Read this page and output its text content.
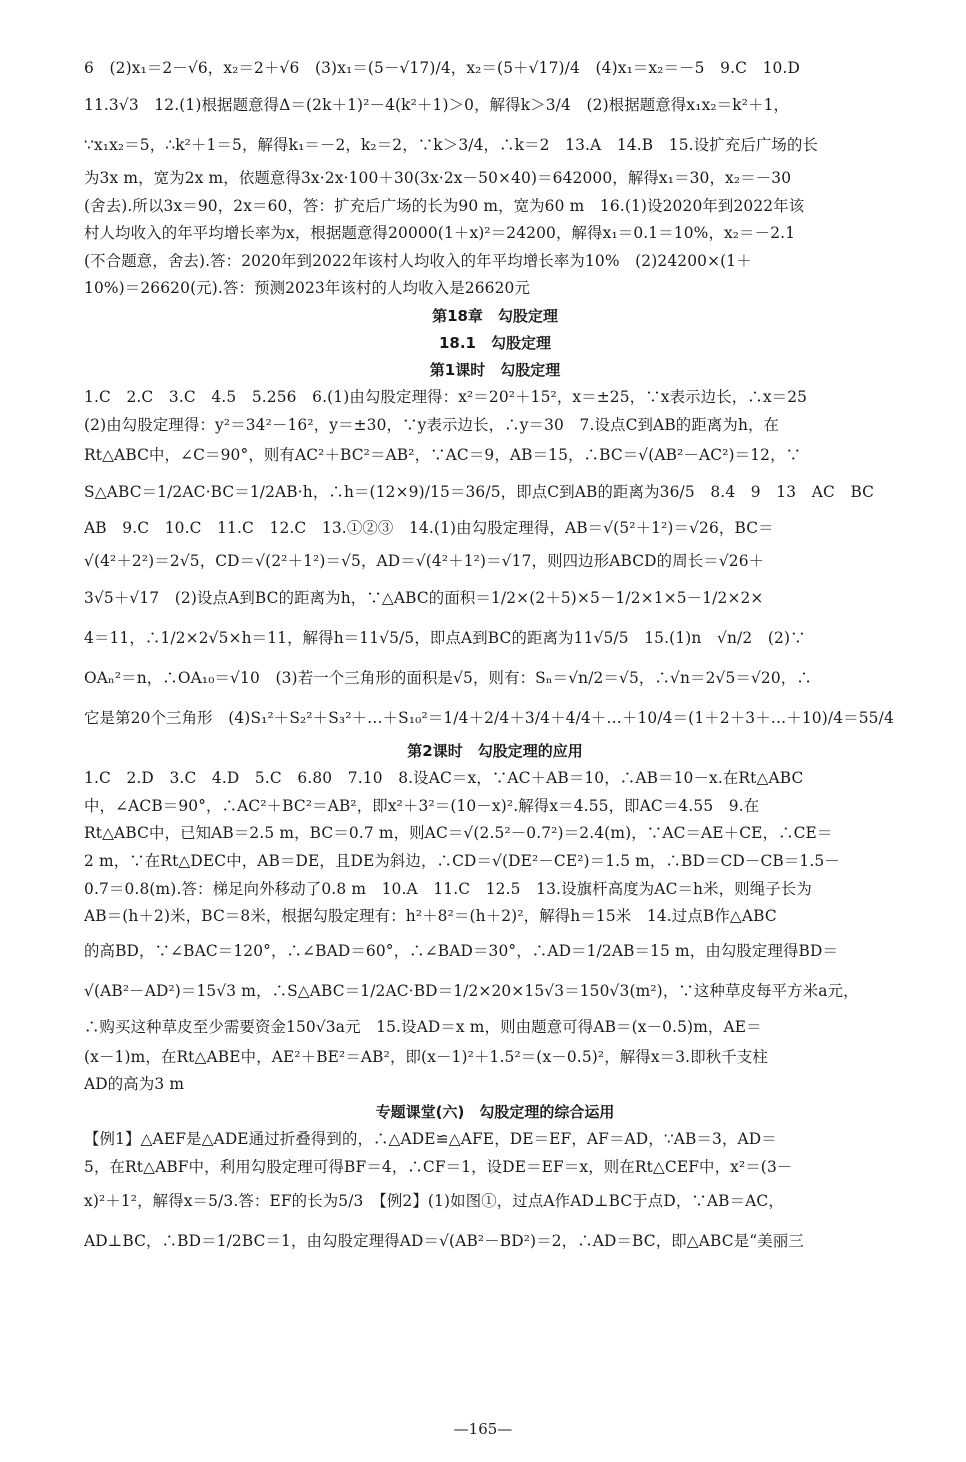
6　(2)x₁＝2－√6，x₂＝2＋√6　(3)x₁＝(5－√17)/4，x₂＝(5＋√17)/4　(4)x₁＝x₂＝－5　9.C　10.D
11.3√3　12.(1)根据题意得Δ＝(2k＋1)²－4(k²＋1)＞0，解得k＞3/4　(2)根据题意得x₁x₂＝k²＋1，
∵x₁x₂＝5，∴k²＋1＝5，解得k₁＝－2，k₂＝2，∵k＞3/4，∴k＝2　13.A　14.B　15.设扩充后广场的长
为3x m，宽为2x m，依题意得3x·2x·100＋30(3x·2x－50×40)＝642000，解得x₁＝30，x₂＝－30
(舍去).所以3x＝90，2x＝60，答：扩充后广场的长为90 m，宽为60 m　16.(1)设2020年到2022年该
村人均收入的年平均增长率为x，根据题意得20000(1＋x)²＝24200，解得x₁＝0.1＝10%，x₂＝－2.1
(不合题意，舍去).答：2020年到2022年该村人均收入的年平均增长率为10%　(2)24200×(1＋
10%)＝26620(元).答：预测2023年该村的人均收入是26620元
第18章　勾股定理
18.1　勾股定理
第1课时　勾股定理
1.C　2.C　3.C　4.5　5.256　6.(1)由勾股定理得：x²＝20²＋15²，x＝±25，∵x表示边长，∴x＝25
(2)由勾股定理得：y²＝34²－16²，y＝±30，∵y表示边长，∴y＝30　7.设点C到AB的距离为h，在
Rt△ABC中，∠C＝90°，则有AC²＋BC²＝AB²，∵AC＝9，AB＝15，∴BC＝√(AB²－AC²)＝12，∵
S△ABC＝1/2AC·BC＝1/2AB·h，∴h＝(12×9)/15＝36/5，即点C到AB的距离为36/5　8.4　9　13　AC　BC
AB　9.C　10.C　11.C　12.C　13.①②③　14.(1)由勾股定理得，AB＝√(5²＋1²)＝√26，BC＝
√(4²＋2²)＝2√5，CD＝√(2²＋1²)＝√5，AD＝√(4²＋1²)＝√17，则四边形ABCD的周长＝√26＋
3√5＋√17　(2)设点A到BC的距离为h，∵△ABC的面积＝1/2×(2＋5)×5－1/2×1×5－1/2×2×
4＝11，∴1/2×2√5×h＝11，解得h＝11√5/5，即点A到BC的距离为11√5/5　15.(1)n　√n/2　(2)∵
OAₙ²＝n，∴OA₁₀＝√10　(3)若一个三角形的面积是√5，则有：Sₙ＝√n/2＝√5，∴√n＝2√5＝√20，∴
它是第20个三角形　(4)S₁²＋S₂²＋S₃²＋…＋S₁₀²＝1/4＋2/4＋3/4＋4/4＋…＋10/4＝(1＋2＋3＋…＋10)/4＝55/4
第2课时　勾股定理的应用
1.C　2.D　3.C　4.D　5.C　6.80　7.10　8.设AC＝x，∵AC＋AB＝10，∴AB＝10－x.在Rt△ABC
中，∠ACB＝90°，∴AC²＋BC²＝AB²，即x²＋3²＝(10－x)².解得x＝4.55，即AC＝4.55　9.在
Rt△ABC中，已知AB＝2.5 m，BC＝0.7 m，则AC＝√(2.5²－0.7²)＝2.4(m)，∵AC＝AE＋CE，∴CE＝
2 m，∵在Rt△DEC中，AB＝DE，且DE为斜边，∴CD＝√(DE²－CE²)＝1.5 m，∴BD＝CD－CB＝1.5－
0.7＝0.8(m).答：梯足向外移动了0.8 m　10.A　11.C　12.5　13.设旗杆高度为AC＝h米，则绳子长为
AB＝(h＋2)米，BC＝8米，根据勾股定理有：h²＋8²＝(h＋2)²，解得h＝15米　14.过点B作△ABC
的高BD，∵∠BAC＝120°，∴∠BAD＝60°，∴∠BAD＝30°，∴AD＝1/2AB＝15 m，由勾股定理得BD＝
√(AB²－AD²)＝15√3 m，∴S△ABC＝1/2AC·BD＝1/2×20×15√3＝150√3(m²)，∵这种草皮每平方米a元，
∴购买这种草皮至少需要资金150√3a元　15.设AD＝x m，则由题意可得AB＝(x－0.5)m，AE＝
(x－1)m，在Rt△ABE中，AE²＋BE²＝AB²，即(x－1)²＋1.5²＝(x－0.5)²，解得x＝3.即秋千支柱
AD的高为3 m
专题课堂(六)　勾股定理的综合运用
【例1】△AEF是△ADE通过折叠得到的，∴△ADE≌△AFE，DE＝EF，AF＝AD，∵AB＝3，AD＝
5，在Rt△ABF中，利用勾股定理可得BF＝4，∴CF＝1，设DE＝EF＝x，则在Rt△CEF中，x²＝(3－
x)²＋1²，解得x＝5/3.答：EF的长为5/3　【例2】(1)如图①，过点A作AD⊥BC于点D，∵AB＝AC，
AD⊥BC，∴BD＝1/2BC＝1，由勾股定理得AD＝√(AB²－BD²)＝2，∴AD＝BC，即△ABC是“美丽三
—165—
